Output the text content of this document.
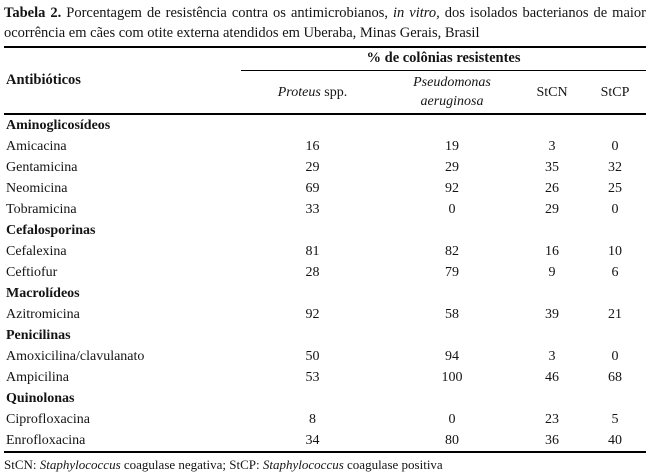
Tabela 2. Porcentagem de resistência contra os antimicrobianos, in vitro, dos isolados bacterianos de maior ocorrência em cães com otite externa atendidos em Uberaba, Minas Gerais, Brasil

Antibióticos	% de colônias resistentes			
	Proteus spp.	Pseudomonas aeruginosa	StCN	StCP
Aminoglicosídeos				
Amicacina	16	19	3	0
Gentamicina	29	29	35	32
Neomicina	69	92	26	25
Tobramicina	33	0	29	0
Cefalosporinas				
Cefalexina	81	82	16	10
Ceftiofur	28	79	9	6
Macrolídeos				
Azitromicina	92	58	39	21
Penicilinas				
Amoxicilina/clavulanato	50	94	3	0
Ampicilina	53	100	46	68
Quinolonas				
Ciprofloxacina	8	0	23	5
Enrofloxacina	34	80	36	40

StCN: Staphylococcus coagulase negativa; StCP: Staphylococcus coagulase positiva
